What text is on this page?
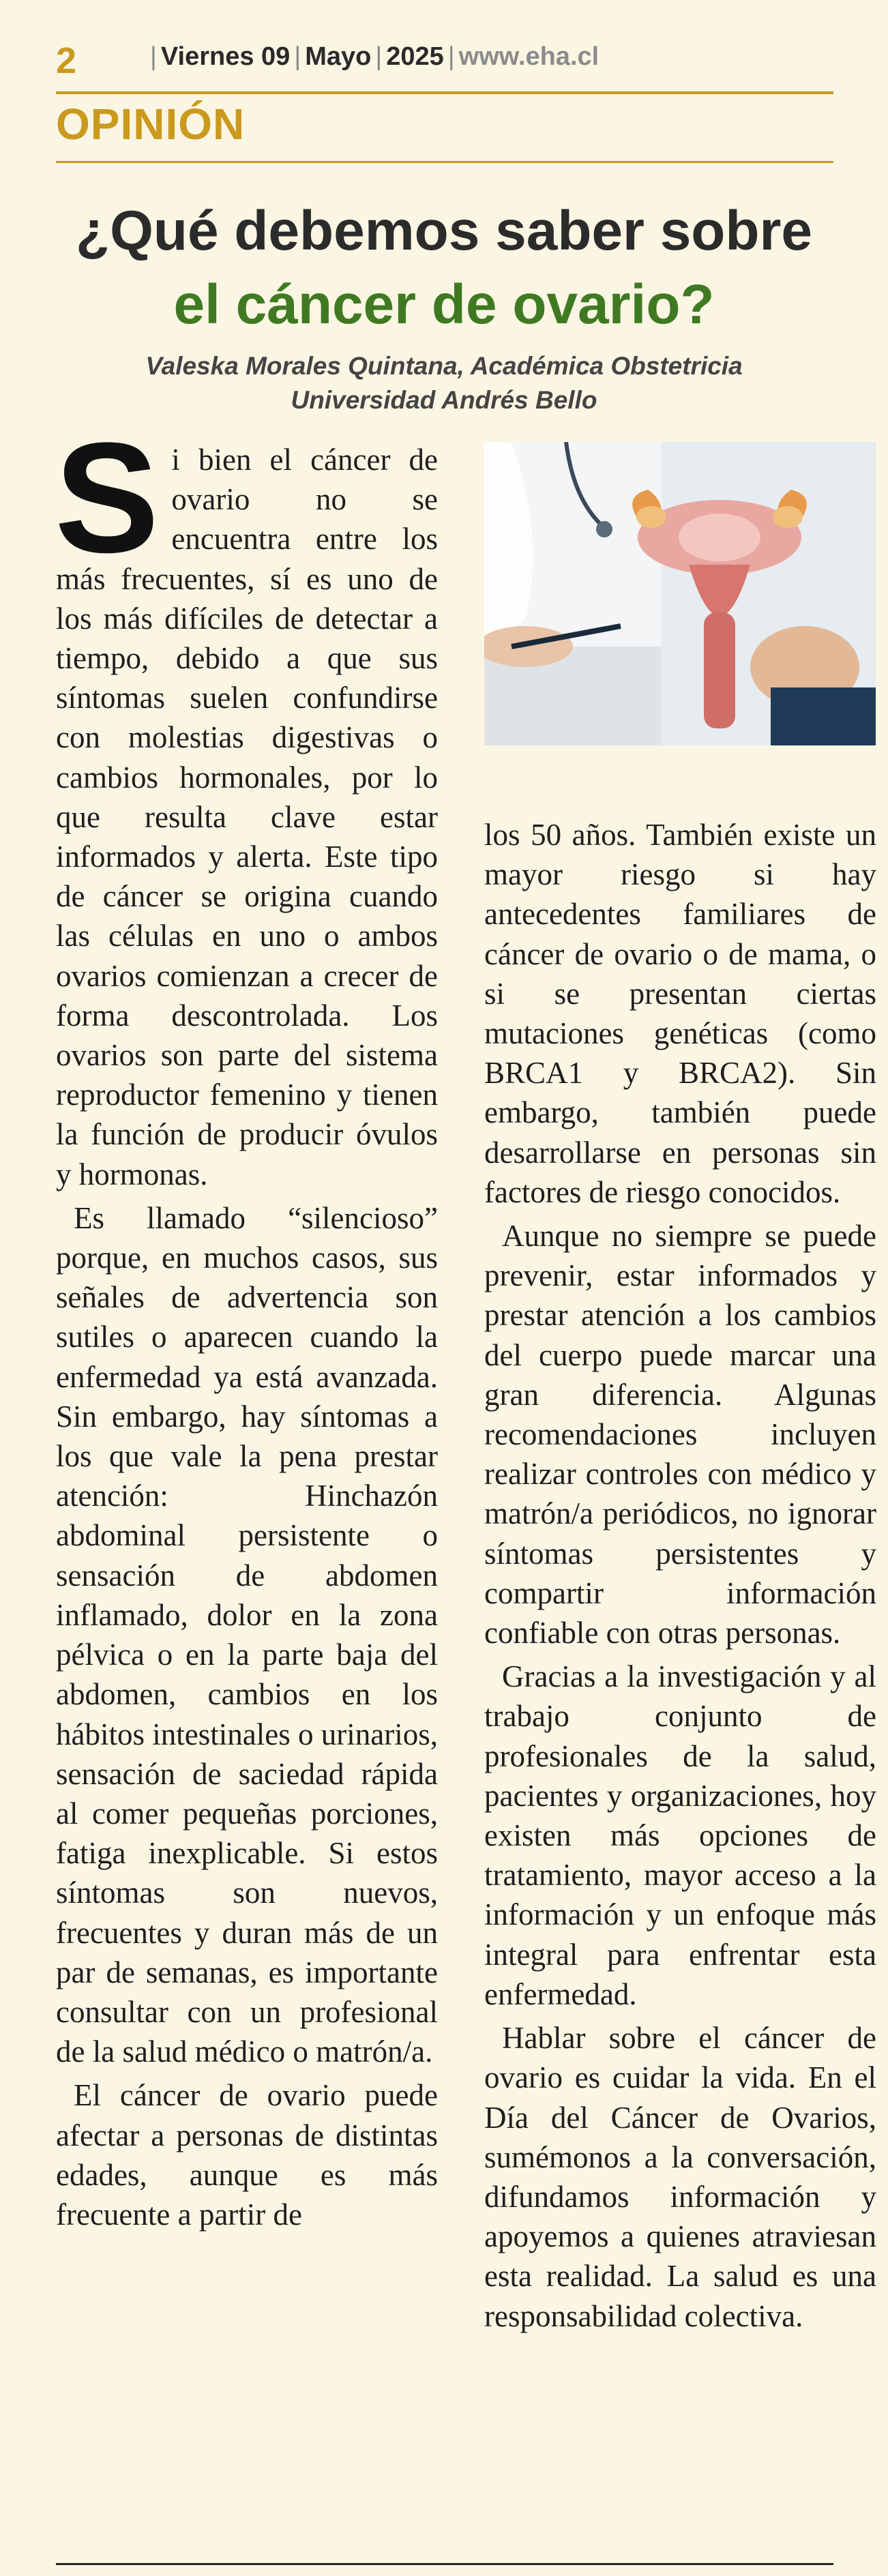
2	| Viernes 09 | Mayo | 2025 | www.eha.cl
OPINIÓN
¿Qué debemos saber sobre
el cáncer de ovario?
Valeska Morales Quintana, Académica Obstetricia
Universidad Andrés Bello

Si bien el cáncer de ovario no se encuentra entre los más frecuentes, sí es uno de los más difíciles de detectar a tiempo, debido a que sus síntomas suelen confundirse con molestias digestivas o cambios hormonales, por lo que resulta clave estar informados y alerta. Este tipo de cáncer se origina cuando las células en uno o ambos ovarios comienzan a crecer de forma descontrolada. Los ovarios son parte del sistema reproductor femenino y tienen la función de producir óvulos y hormonas.

Es llamado “silencioso” porque, en muchos casos, sus señales de advertencia son sutiles o aparecen cuando la enfermedad ya está avanzada. Sin embargo, hay síntomas a los que vale la pena prestar atención: Hinchazón abdominal persistente o sensación de abdomen inflamado, dolor en la zona pélvica o en la parte baja del abdomen, cambios en los hábitos intestinales o urinarios, sensación de saciedad rápida al comer pequeñas porciones, fatiga inexplicable. Si estos síntomas son nuevos, frecuentes y duran más de un par de semanas, es importante consultar con un profesional de la salud médico o matrón/a.

El cáncer de ovario puede afectar a personas de distintas edades, aunque es más frecuente a partir de

los 50 años. También existe un mayor riesgo si hay antecedentes familiares de cáncer de ovario o de mama, o si se presentan ciertas mutaciones genéticas (como BRCA1 y BRCA2). Sin embargo, también puede desarrollarse en personas sin factores de riesgo conocidos.

Aunque no siempre se puede prevenir, estar informados y prestar atención a los cambios del cuerpo puede marcar una gran diferencia. Algunas recomendaciones incluyen realizar controles con médico y matrón/a periódicos, no ignorar síntomas persistentes y compartir información confiable con otras personas.

Gracias a la investigación y al trabajo conjunto de profesionales de la salud, pacientes y organizaciones, hoy existen más opciones de tratamiento, mayor acceso a la información y un enfoque más integral para enfrentar esta enfermedad.

Hablar sobre el cáncer de ovario es cuidar la vida. En el Día del Cáncer de Ovarios, sumémonos a la conversación, difundamos información y apoyemos a quienes atraviesan esta realidad. La salud es una responsabilidad colectiva.
